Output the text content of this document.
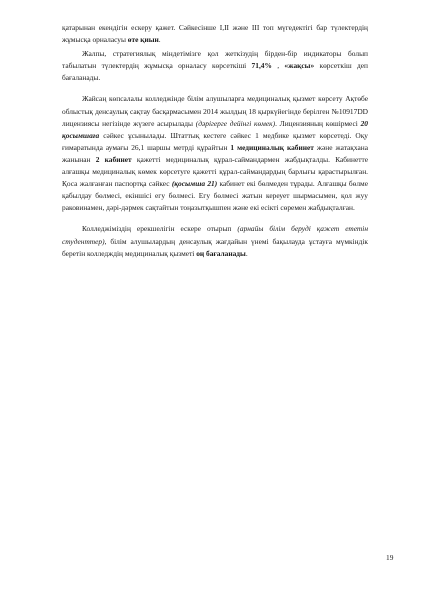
қатарынан екендігін ескеру қажет. Сәйкесінше I,II және III топ мүгедектігі бар түлектердің жұмысқа орналасуы өте қиын.

Жалпы, стратегиялық міндетімізге қол жеткізудің бірден-бір индикаторы болып табылатын түлектердің жұмысқа орналасу көрсеткіші 71,4% , «жақсы» көрсеткіш деп бағаланады.

Жайсаң көпсалалы колледжінде білім алушыларға медициналық қызмет көрсету Ақтөбе облыстық денсаулық сақтау басқармасымен 2014 жылдың 18 қыркүйегінде берілген №10917DD лицензиясы негізінде жүзеге асырылады (дәрігерге дейінгі көмек). Лицензияның көшірмесі 20 қосымшаға сәйкес ұсынылады. Штаттық кестеге сәйкес 1 медбике қызмет көрсетеді. Оқу ғимаратында аумағы 26,1 шаршы метрді құрайтын 1 медициналық кабинет және жатақхана жанынан 2 кабинет қажетті медициналық құрал-саймандармен жабдықталды. Кабинетте алғашқы медициналық көмек көрсетуге қажетті құрал-саймандардың барлығы қарастырылған. Қоса жалғанған паспортқа сәйкес (қосымша 21) кабинет екі бөлмеден тұрады. Алғашқы бөлме қабылдау бөлмесі, екіншісі егу бөлмесі. Егу бөлмесі жатын кереует шырмасымен, қол жуу раковинамен, дәрі-дәрмек сақтайтын тоңазытқышпен және екі есікті сөремен жабдықталған.

Колледжіміздің ерекшелігін ескере отырып (арнайы білім беруді қажет ететін студенттер), білім алушылардың денсаулық жағдайын үнемі бақылауда ұстауға мүмкіндік беретін колледждің медициналық қызметі оң бағаланады.

19
